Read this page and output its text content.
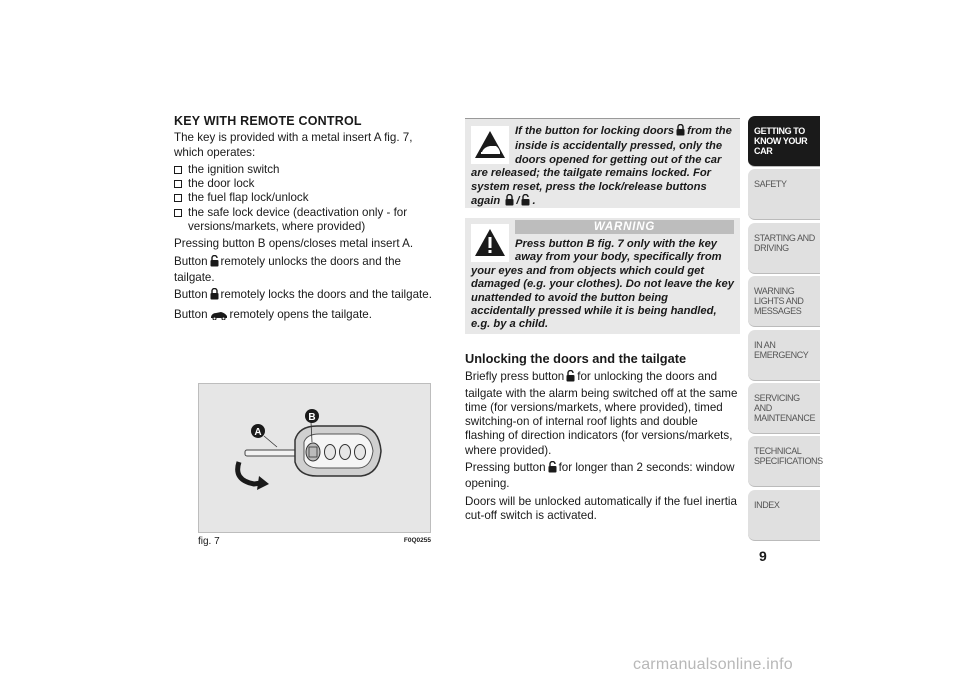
KEY WITH REMOTE CONTROL

The key is provided with a metal insert A fig. 7, which operates:

the ignition switch
the door lock
the fuel flap lock/unlock
the safe lock device (deactivation only - for versions/markets, where provided)

Pressing button B opens/closes metal insert A.

Button remotely unlocks the doors and the tailgate.

Button remotely locks the doors and the tailgate.

Button remotely opens the tailgate.

A
B
fig. 7	F0Q0255
If the button for locking doors from the inside is accidentally pressed, only the doors opened for getting out of the car are released; the tailgate remains locked. For system reset, press the lock/release buttons again / .
WARNING
Press button B fig. 7 only with the key away from your body, specifically from your eyes and from objects which could get damaged (e.g. your clothes). Do not leave the key unattended to avoid the button being accidentally pressed while it is being handled, e.g. by a child.

Unlocking the doors and the tailgate

Briefly press button for unlocking the doors and tailgate with the alarm being switched off at the same time (for versions/markets, where provided), timed switching-on of internal roof lights and double flashing of direction indicators (for versions/markets, where provided).

Pressing button for longer than 2 seconds: window opening.

Doors will be unlocked automatically if the fuel inertia cut-off switch is activated.

GETTING TO KNOW YOUR CAR
SAFETY
STARTING AND DRIVING
WARNING LIGHTS AND MESSAGES
IN AN EMERGENCY
SERVICING AND MAINTENANCE
TECHNICAL SPECIFICATIONS
INDEX
9
carmanualsonline.info
